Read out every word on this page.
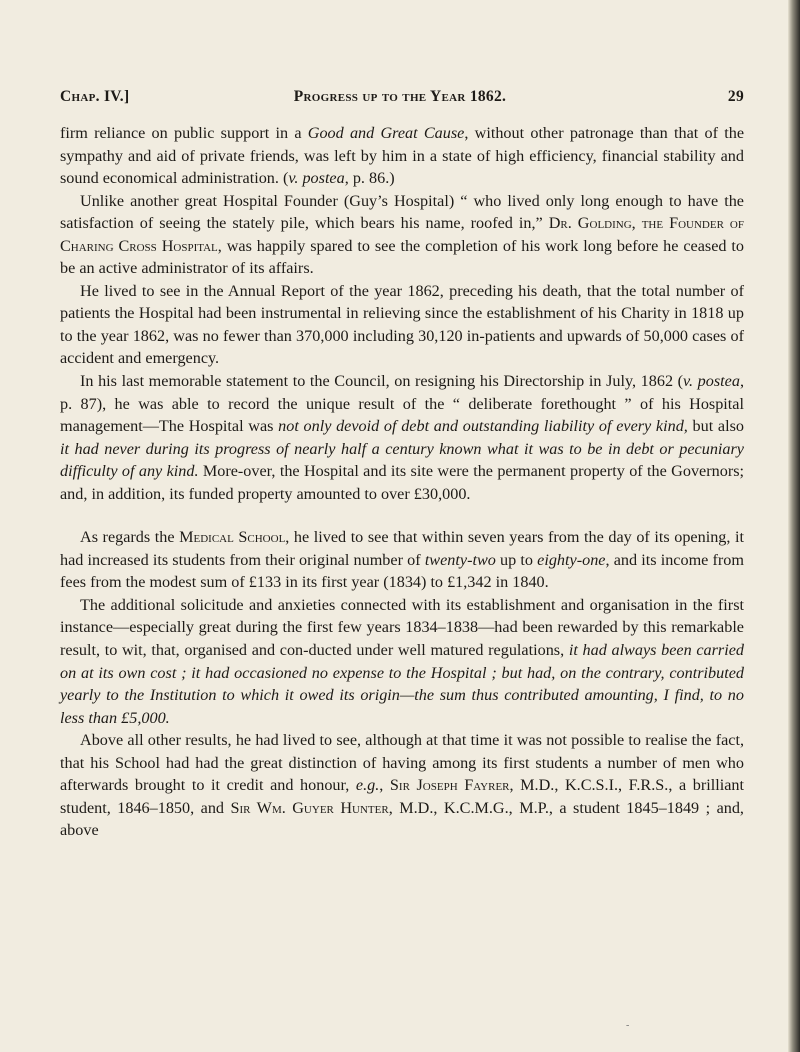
Chap. IV.]	Progress up to the Year 1862.	29

firm reliance on public support in a Good and Great Cause, without other patronage than that of the sympathy and aid of private friends, was left by him in a state of high efficiency, financial stability and sound economical administration. (v. postea, p. 86.)

Unlike another great Hospital Founder (Guy’s Hospital) “ who lived only long enough to have the satisfaction of seeing the stately pile, which bears his name, roofed in,” Dr. Golding, the Founder of Charing Cross Hospital, was happily spared to see the completion of his work long before he ceased to be an active administrator of its affairs.

He lived to see in the Annual Report of the year 1862, preceding his death, that the total number of patients the Hospital had been instrumental in relieving since the establishment of his Charity in 1818 up to the year 1862, was no fewer than 370,000 including 30,120 in-patients and upwards of 50,000 cases of accident and emergency.

In his last memorable statement to the Council, on resigning his Directorship in July, 1862 (v. postea, p. 87), he was able to record the unique result of the “ deliberate forethought ” of his Hospital management—The Hospital was not only devoid of debt and outstanding liability of every kind, but also it had never during its progress of nearly half a century known what it was to be in debt or pecuniary difficulty of any kind. More-over, the Hospital and its site were the permanent property of the Governors; and, in addition, its funded property amounted to over £30,000.

As regards the Medical School, he lived to see that within seven years from the day of its opening, it had increased its students from their original number of twenty-two up to eighty-one, and its income from fees from the modest sum of £133 in its first year (1834) to £1,342 in 1840.

The additional solicitude and anxieties connected with its establishment and organisation in the first instance—especially great during the first few years 1834–1838—had been rewarded by this remarkable result, to wit, that, organised and con-ducted under well matured regulations, it had always been carried on at its own cost ; it had occasioned no expense to the Hospital ; but had, on the contrary, contributed yearly to the Institution to which it owed its origin—the sum thus contributed amounting, I find, to no less than £5,000.

Above all other results, he had lived to see, although at that time it was not possible to realise the fact, that his School had had the great distinction of having among its first students a number of men who afterwards brought to it credit and honour, e.g., Sir Joseph Fayrer, M.D., K.C.S.I., F.R.S., a brilliant student, 1846–1850, and Sir Wm. Guyer Hunter, M.D., K.C.M.G., M.P., a student 1845–1849 ; and, above

-
